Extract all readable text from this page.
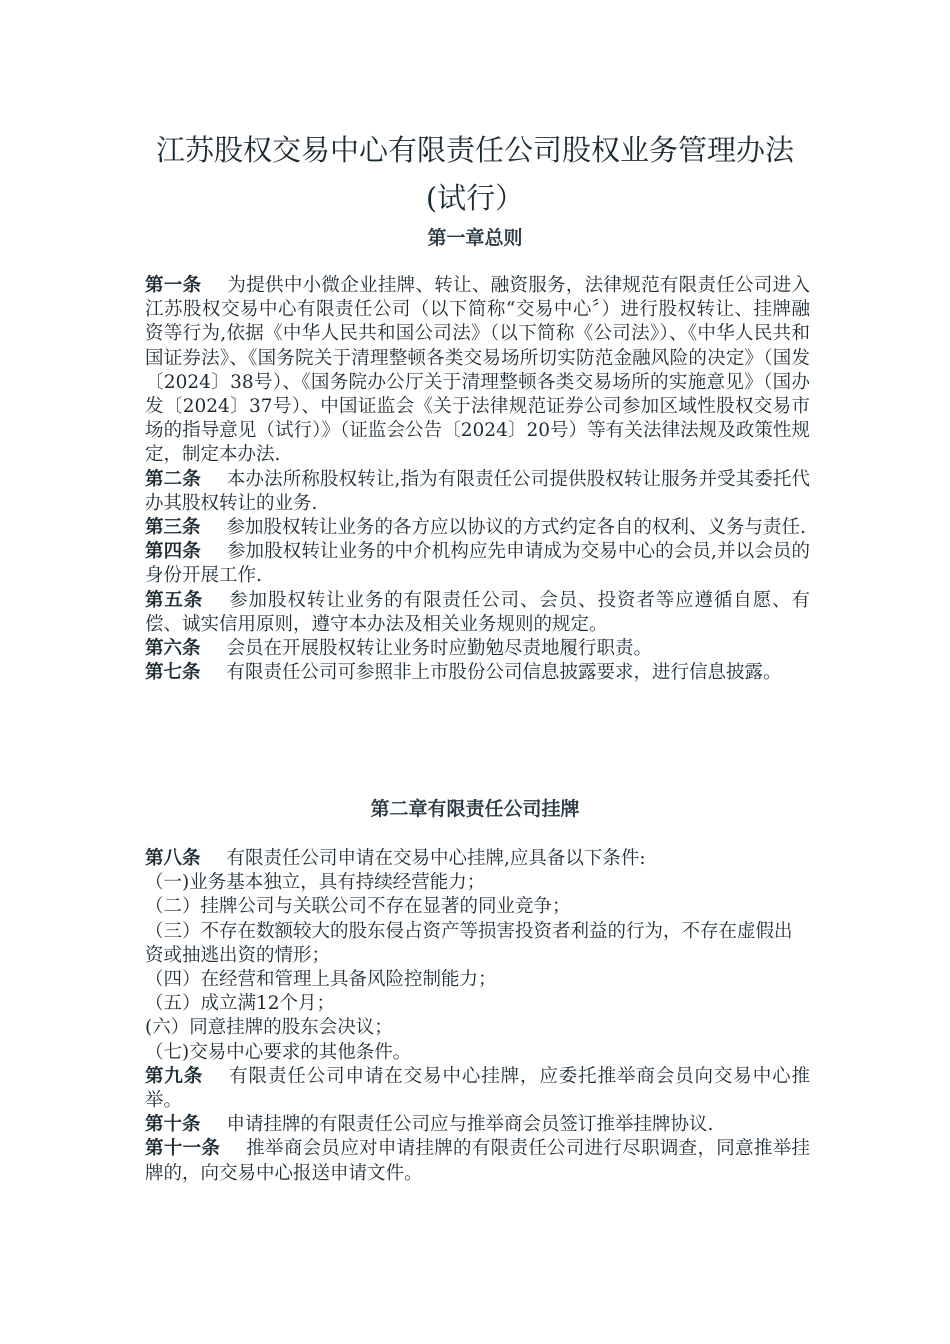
江苏股权交易中心有限责任公司股权业务管理办法
(试行）
第一章总则

第一条 为提供中小微企业挂牌、转让、融资服务，法律规范有限责任公司进入江苏股权交易中心有限责任公司（以下简称“交易中心〞）进行股权转让、挂牌融资等行为,依据《中华人民共和国公司法》（以下简称《公司法》）、《中华人民共和国证券法》、《国务院关于清理整顿各类交易场所切实防范金融风险的决定》（国发〔2024〕38号）、《国务院办公厅关于清理整顿各类交易场所的实施意见》（国办发〔2024〕37号）、中国证监会《关于法律规范证券公司参加区域性股权交易市场的指导意见（试行）》（证监会公告〔2024〕20号）等有关法律法规及政策性规定，制定本办法.

第二条 本办法所称股权转让,指为有限责任公司提供股权转让服务并受其委托代办其股权转让的业务.

第三条 参加股权转让业务的各方应以协议的方式约定各自的权利、义务与责任.

第四条 参加股权转让业务的中介机构应先申请成为交易中心的会员,并以会员的身份开展工作.

第五条 参加股权转让业务的有限责任公司、会员、投资者等应遵循自愿、有偿、诚实信用原则，遵守本办法及相关业务规则的规定。

第六条 会员在开展股权转让业务时应勤勉尽责地履行职责。

第七条 有限责任公司可参照非上市股份公司信息披露要求，进行信息披露。

第二章有限责任公司挂牌

第八条 有限责任公司申请在交易中心挂牌,应具备以下条件:

（一)业务基本独立，具有持续经营能力；

（二）挂牌公司与关联公司不存在显著的同业竞争；

（三）不存在数额较大的股东侵占资产等损害投资者利益的行为，不存在虚假出资或抽逃出资的情形；

（四）在经营和管理上具备风险控制能力；

（五）成立满12个月；

(六）同意挂牌的股东会决议；

（七)交易中心要求的其他条件。

第九条 有限责任公司申请在交易中心挂牌，应委托推举商会员向交易中心推举。

第十条 申请挂牌的有限责任公司应与推举商会员签订推举挂牌协议.

第十一条 推举商会员应对申请挂牌的有限责任公司进行尽职调查，同意推举挂牌的，向交易中心报送申请文件。
